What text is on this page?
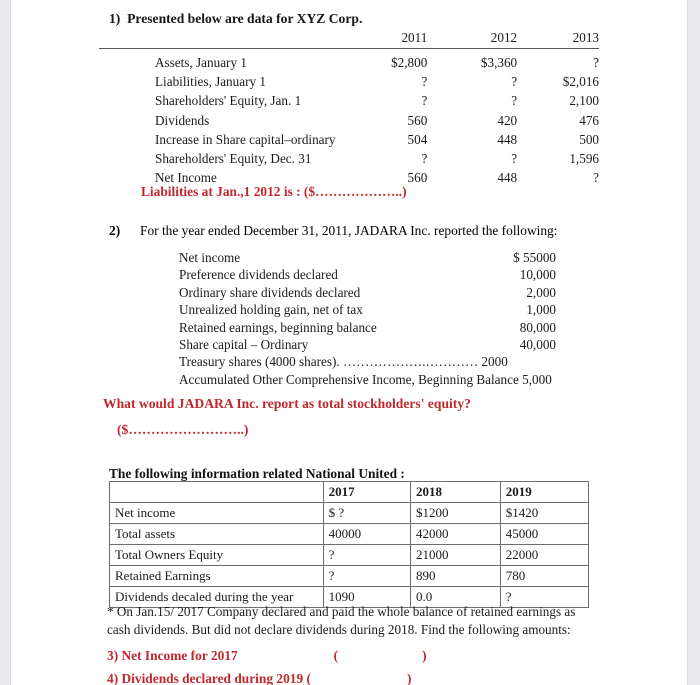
1) Presented below are data for XYZ Corp.
	2011	2012	2013
Assets, January 1	$2,800	$3,360	?
Liabilities, January 1	?	?	$2,016
Shareholders' Equity, Jan. 1	?	?	2,100
Dividends	560	420	476
Increase in Share capital–ordinary	504	448	500
Shareholders' Equity, Dec. 31	?	?	1,596
Net Income	560	448	?
Liabilities at Jan.,1 2012 is : ($………………..)
2) For the year ended December 31, 2011, JADARA Inc. reported the following:
Net income	$ 55000
Preference dividends declared	10,000
Ordinary share dividends declared	2,000
Unrealized holding gain, net of tax	1,000
Retained earnings, beginning balance	80,000
Share capital – Ordinary	40,000
Treasury shares (4000 shares). ……………….………… 2000
Accumulated Other Comprehensive Income, Beginning Balance 5,000
What would JADARA Inc. report as total stockholders' equity?
($……………………..)
The following information related National United :
	2017	2018	2019
Net income	$ ?	$1200	$1420
Total assets	40000	42000	45000
Total Owners Equity	?	21000	22000
Retained Earnings	?	890	780
Dividends decaled during the year	1090	0.0	?
* On Jan.15/ 2017 Company declared and paid the whole balance of retained earnings as cash dividends. But did not declare dividends during 2018. Find the following amounts:
3) Net Income for 2017	(	)
4) Dividends declared during 2019 (	)
